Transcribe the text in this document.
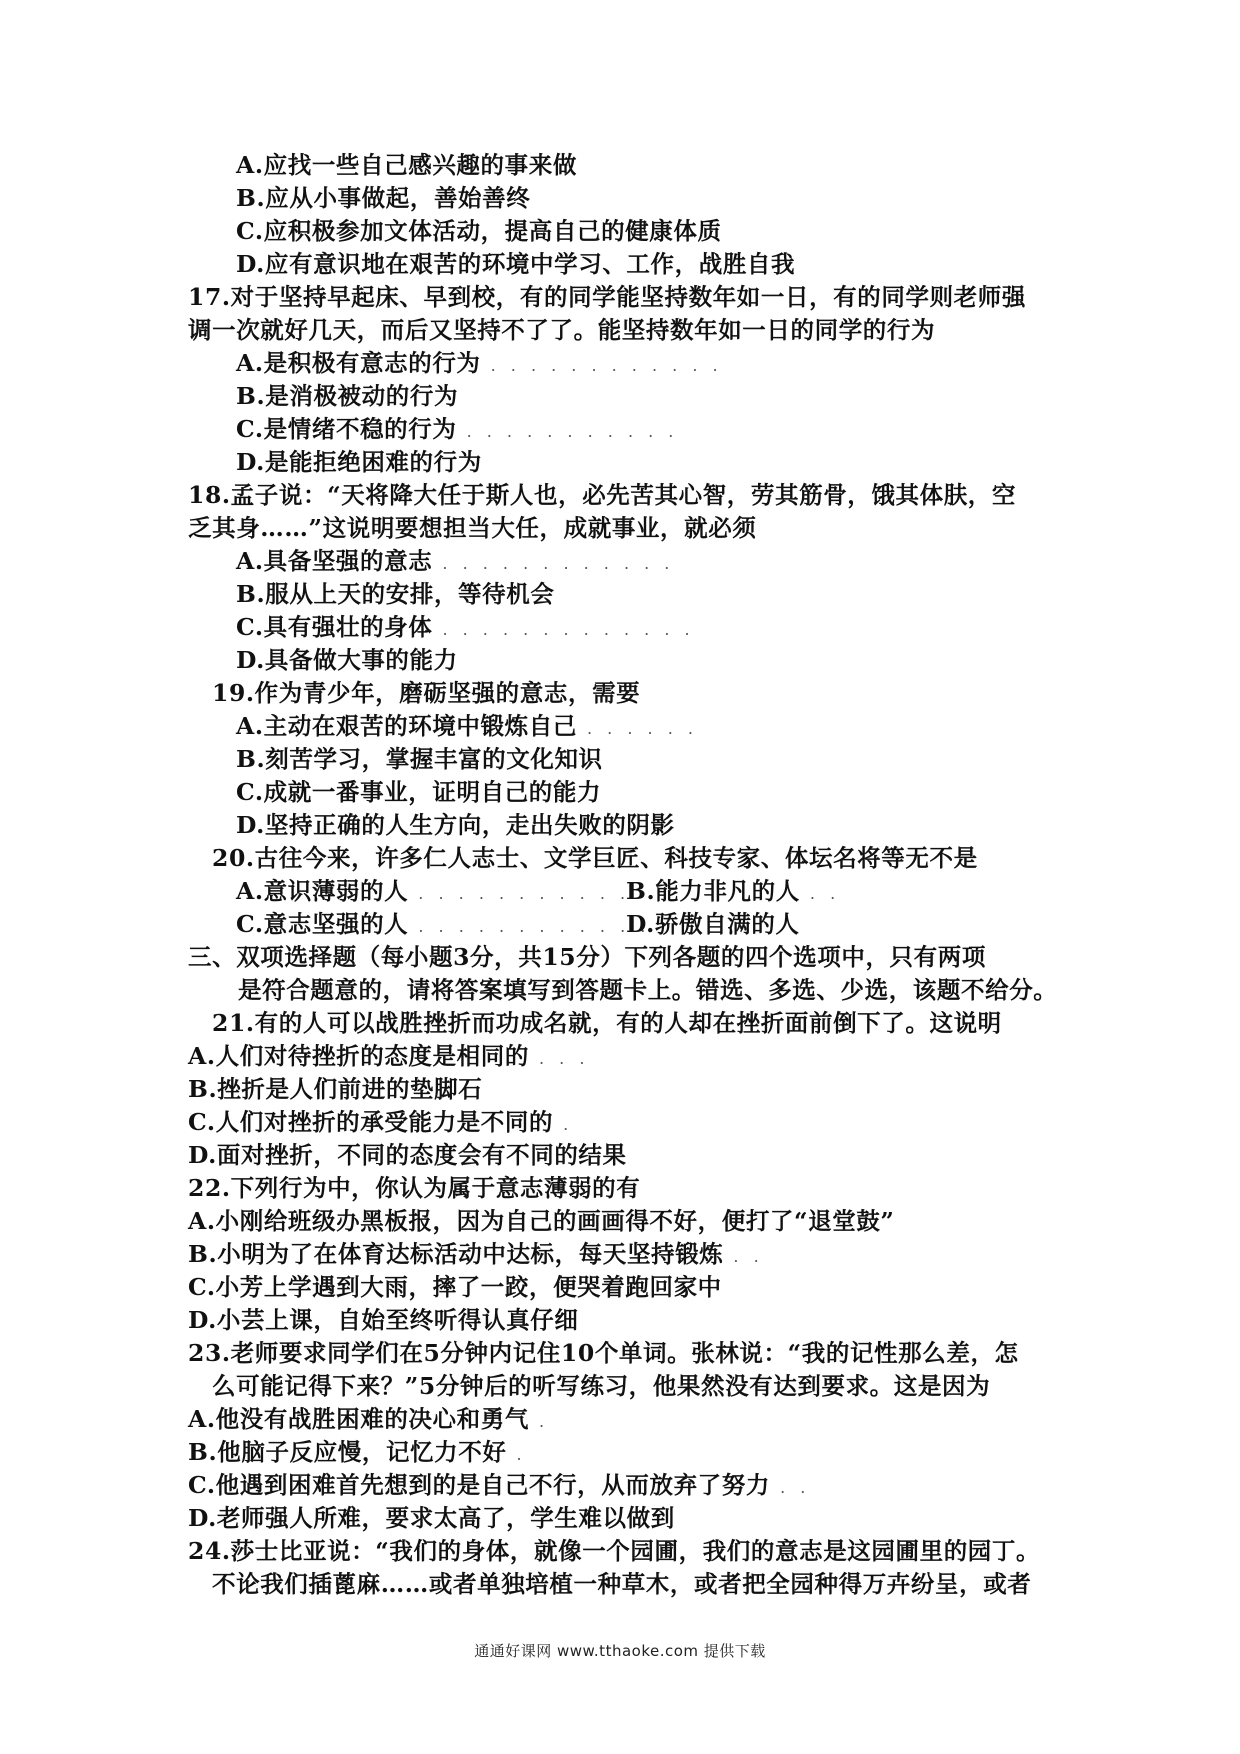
A.应找一些自己感兴趣的事来做
B.应从小事做起，善始善终
C.应积极参加文体活动，提高自己的健康体质
D.应有意识地在艰苦的环境中学习、工作，战胜自我
17.对于坚持早起床、早到校，有的同学能坚持数年如一日，有的同学则老师强
调一次就好几天，而后又坚持不了了。能坚持数年如一日的同学的行为
A.是积极有意志的行为 . . . . . . . . . . . .
B.是消极被动的行为
C.是情绪不稳的行为 . . . . . . . . . . .
D.是能拒绝困难的行为
18.孟子说：“天将降大任于斯人也，必先苦其心智，劳其筋骨，饿其体肤，空
乏其身……”这说明要想担当大任，成就事业，就必须
A.具备坚强的意志 . . . . . . . . . . . .
B.服从上天的安排，等待机会
C.具有强壮的身体 . . . . . . . . . . . . .
D.具备做大事的能力
19.作为青少年，磨砺坚强的意志，需要
A.主动在艰苦的环境中锻炼自己 . . . . . .
B.刻苦学习，掌握丰富的文化知识
C.成就一番事业，证明自己的能力
D.坚持正确的人生方向，走出失败的阴影
20.古往今来，许多仁人志士、文学巨匠、科技专家、体坛名将等无不是
A.意识薄弱的人 . . . . . . . . . . .
B.能力非凡的人 . .
C.意志坚强的人 . . . . . . . . . . . .
D.骄傲自满的人
三、双项选择题（每小题3分，共15分）下列各题的四个选项中，只有两项
是符合题意的，请将答案填写到答题卡上。错选、多选、少选，该题不给分。
21.有的人可以战胜挫折而功成名就，有的人却在挫折面前倒下了。这说明
A.人们对待挫折的态度是相同的 . . .
B.挫折是人们前进的垫脚石
C.人们对挫折的承受能力是不同的 .
D.面对挫折，不同的态度会有不同的结果
22.下列行为中，你认为属于意志薄弱的有
A.小刚给班级办黑板报，因为自己的画画得不好，便打了“退堂鼓”
B.小明为了在体育达标活动中达标，每天坚持锻炼 . .
C.小芳上学遇到大雨，摔了一跤，便哭着跑回家中
D.小芸上课，自始至终听得认真仔细
23.老师要求同学们在5分钟内记住10个单词。张林说：“我的记性那么差，怎
么可能记得下来？”5分钟后的听写练习，他果然没有达到要求。这是因为
A.他没有战胜困难的决心和勇气 .
B.他脑子反应慢，记忆力不好 .
C.他遇到困难首先想到的是自己不行，从而放弃了努力 . .
D.老师强人所难，要求太高了，学生难以做到
24.莎士比亚说：“我们的身体，就像一个园圃，我们的意志是这园圃里的园丁。
不论我们插蓖麻……或者单独培植一种草木，或者把全园种得万卉纷呈，或者
通通好课网 www.tthaoke.com 提供下载
